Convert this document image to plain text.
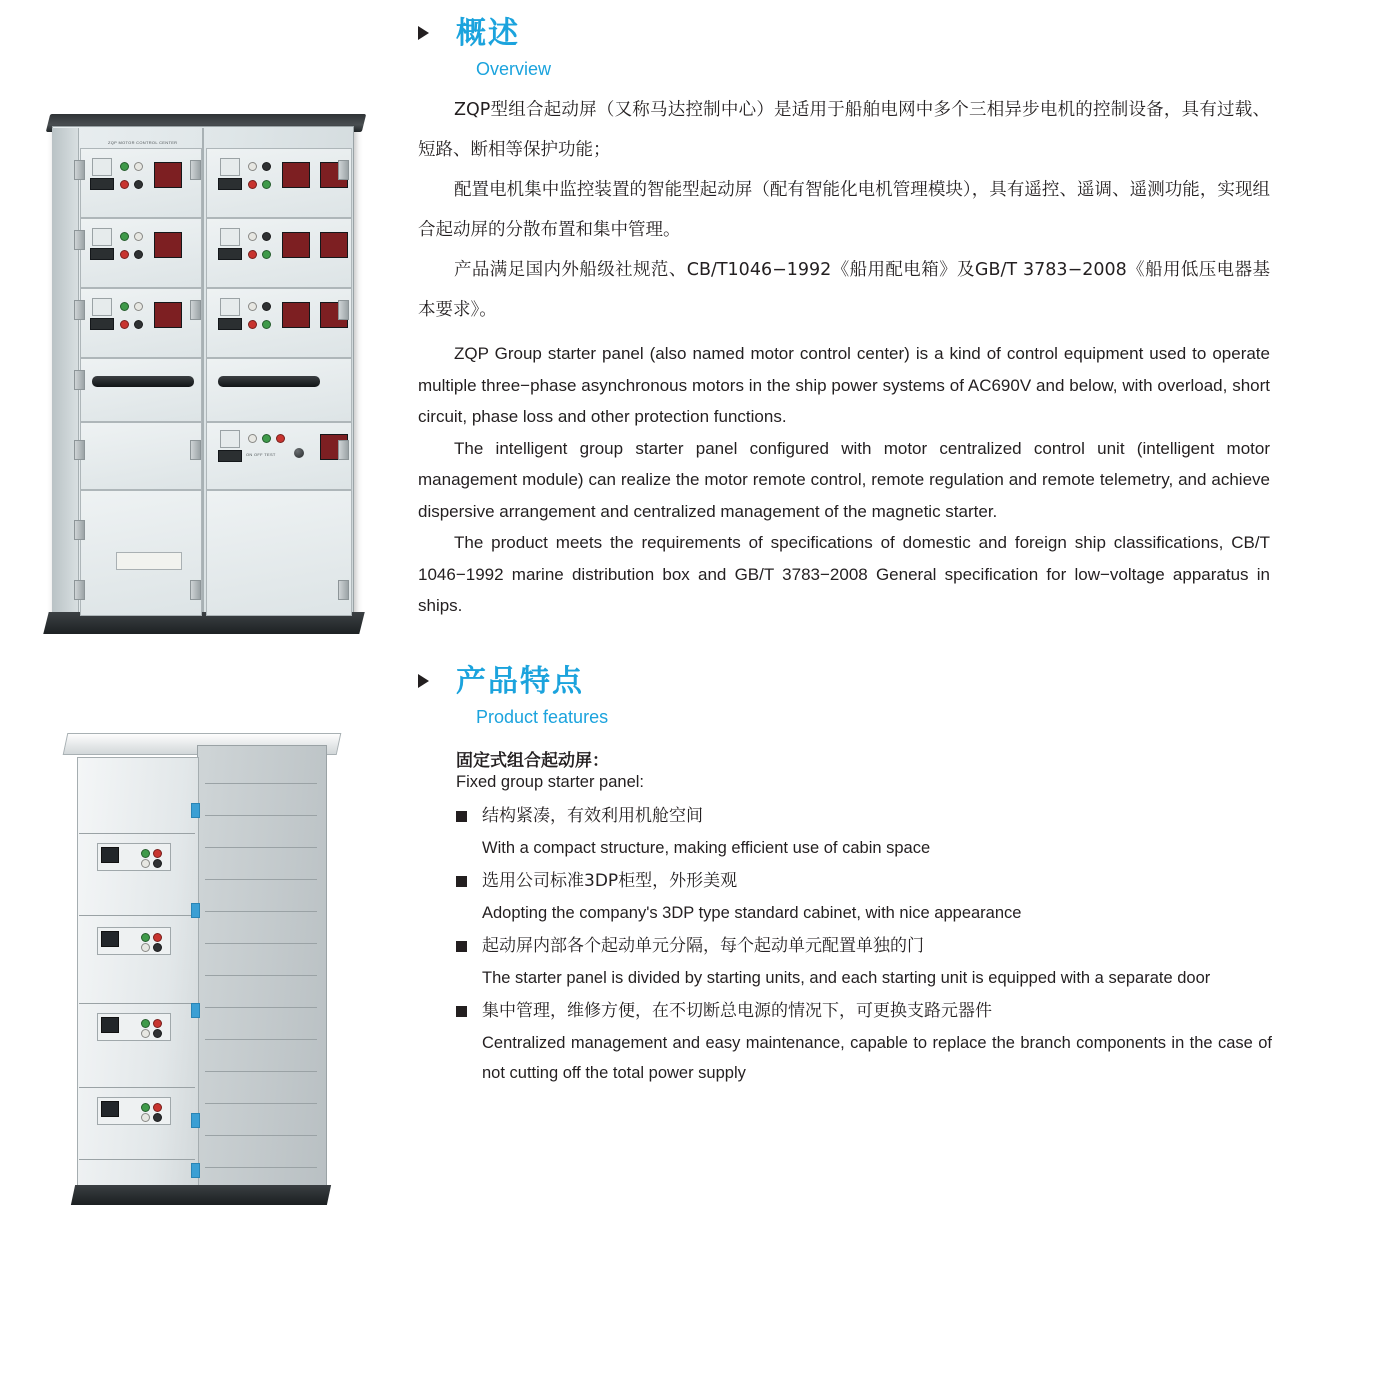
ZQP MOTOR CONTROL CENTER
ON OFF TEST
概述
Overview

ZQP型组合起动屏（又称马达控制中心）是适用于船舶电网中多个三相异步电机的控制设备，具有过载、短路、断相等保护功能；

配置电机集中监控装置的智能型起动屏（配有智能化电机管理模块），具有遥控、遥调、遥测功能，实现组合起动屏的分散布置和集中管理。

产品满足国内外船级社规范、CB/T1046−1992《船用配电箱》及GB/T 3783−2008《船用低压电器基本要求》。

ZQP Group starter panel (also named motor control center) is a kind of control equipment used to operate multiple three−phase asynchronous motors in the ship power systems of AC690V and below, with overload, short circuit, phase loss and other protection functions.

The intelligent group starter panel configured with motor centralized control unit (intelligent motor management module) can realize the motor remote control, remote regulation and remote telemetry, and achieve dispersive arrangement and centralized management of the magnetic starter.

The product meets the requirements of specifications of domestic and foreign ship classifications, CB/T 1046−1992 marine distribution box and GB/T 3783−2008 General specification for low−voltage apparatus in ships.

产品特点
Product features
固定式组合起动屏：
Fixed group starter panel:
结构紧凑，有效利用机舱空间
With a compact structure, making efficient use of cabin space
选用公司标准3DP柜型，外形美观
Adopting the company's 3DP type standard cabinet, with nice appearance
起动屏内部各个起动单元分隔，每个起动单元配置单独的门
The starter panel is divided by starting units, and each starting unit is equipped with a separate door
集中管理，维修方便，在不切断总电源的情况下，可更换支路元器件
Centralized management and easy maintenance, capable to replace the branch components in the case of not cutting off the total power supply
